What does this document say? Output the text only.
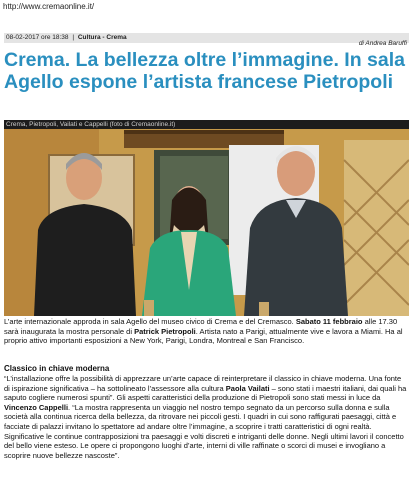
http://www.cremaonline.it/
08-02-2017 ore 18:38 | Cultura - Crema
di Andrea Baruffi
Crema. La bellezza oltre l’immagine. In sala Agello espone l’artista francese Pietropoli
Crema, Pietropoli, Vailati e Cappelli (foto di Cremaonline.it)

L’arte internazionale approda in sala Agello del museo civico di Crema e del Cremasco. Sabato 11 febbraio alle 17.30 sarà inaugurata la mostra personale di Patrick Pietropoli. Artista nato a Parigi, attualmente vive e lavora a Miami. Ha al proprio attivo importanti esposizioni a New York, Parigi, Londra, Montreal e San Francisco.

Classico in chiave moderna

“L’installazione offre la possibilità di apprezzare un’arte capace di reinterpretare il classico in chiave moderna. Una fonte di ispirazione significativa – ha sottolineato l’assessore alla cultura Paola Vailati – sono stati i maestri italiani, dai quali ha saputo cogliere numerosi spunti”. Gli aspetti caratteristici della produzione di Pietropoli sono stati messi in luce da Vincenzo Cappelli. “La mostra rappresenta un viaggio nel nostro tempo segnato da un percorso sulla donna e sulla società alla continua ricerca della bellezza, da ritrovare nei piccoli gesti. I quadri in cui sono raffigurati paesaggi, città e facciate di palazzi invitano lo spettatore ad andare oltre l’immagine, a scoprire i tratti caratteristici di ogni realtà. Significative le continue contrapposizioni tra paesaggi e volti discreti e intriganti delle donne. Negli ultimi lavori il concetto del bello viene esteso. Le opere ci propongono luoghi d’arte, interni di ville raffinate o scorci di musei e invogliano a scoprire nuove bellezze nascoste”.
